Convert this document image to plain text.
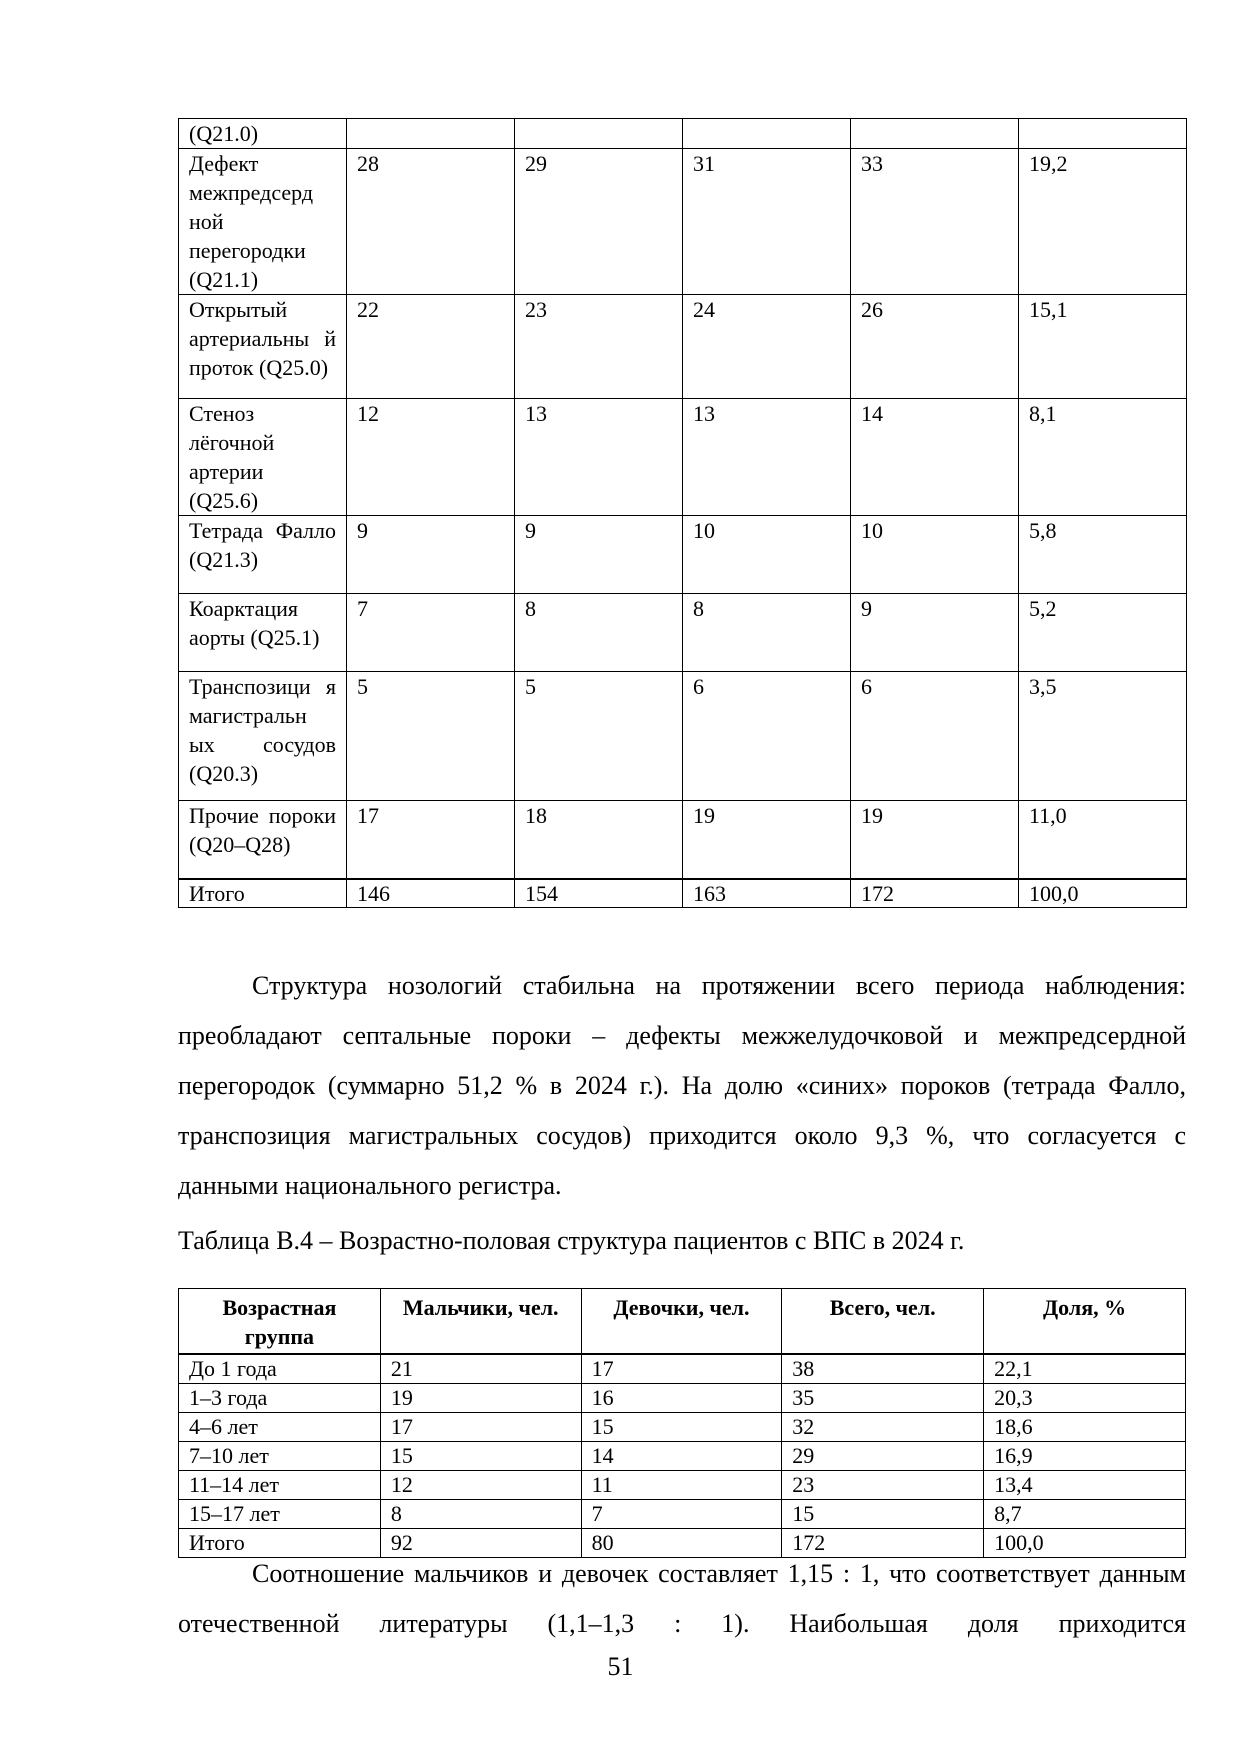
(Q21.0)					
Дефект межпредсерд ной перегородки (Q21.1)	28	29	31	33	19,2
Открытый артериальны й проток (Q25.0)	22	23	24	26	15,1
Стеноз лёгочной артерии (Q25.6)	12	13	13	14	8,1
Тетрада Фалло (Q21.3)	9	9	10	10	5,8
Коарктация аорты (Q25.1)	7	8	8	9	5,2
Транспозици я магистральн ых сосудов (Q20.3)	5	5	6	6	3,5
Прочие пороки (Q20–Q28)	17	18	19	19	11,0
Итого	146	154	163	172	100,0

Структура нозологий стабильна на протяжении всего периода наблюдения: преобладают септальные пороки – дефекты межжелудочковой и межпредсердной перегородок (суммарно 51,2 % в 2024 г.). На долю «синих» пороков (тетрада Фалло, транспозиция магистральных сосудов) приходится около 9,3 %, что согласуется с данными национального регистра.

Таблица В.4 – Возрастно-половая структура пациентов с ВПС в 2024 г.

Возрастная группа	Мальчики, чел.	Девочки, чел.	Всего, чел.	Доля, %
До 1 года	21	17	38	22,1
1–3 года	19	16	35	20,3
4–6 лет	17	15	32	18,6
7–10 лет	15	14	29	16,9
11–14 лет	12	11	23	13,4
15–17 лет	8	7	15	8,7
Итого	92	80	172	100,0

Соотношение мальчиков и девочек составляет 1,15 : 1, что соответствует данным отечественной литературы (1,1–1,3 : 1). Наибольшая доля приходится

51
